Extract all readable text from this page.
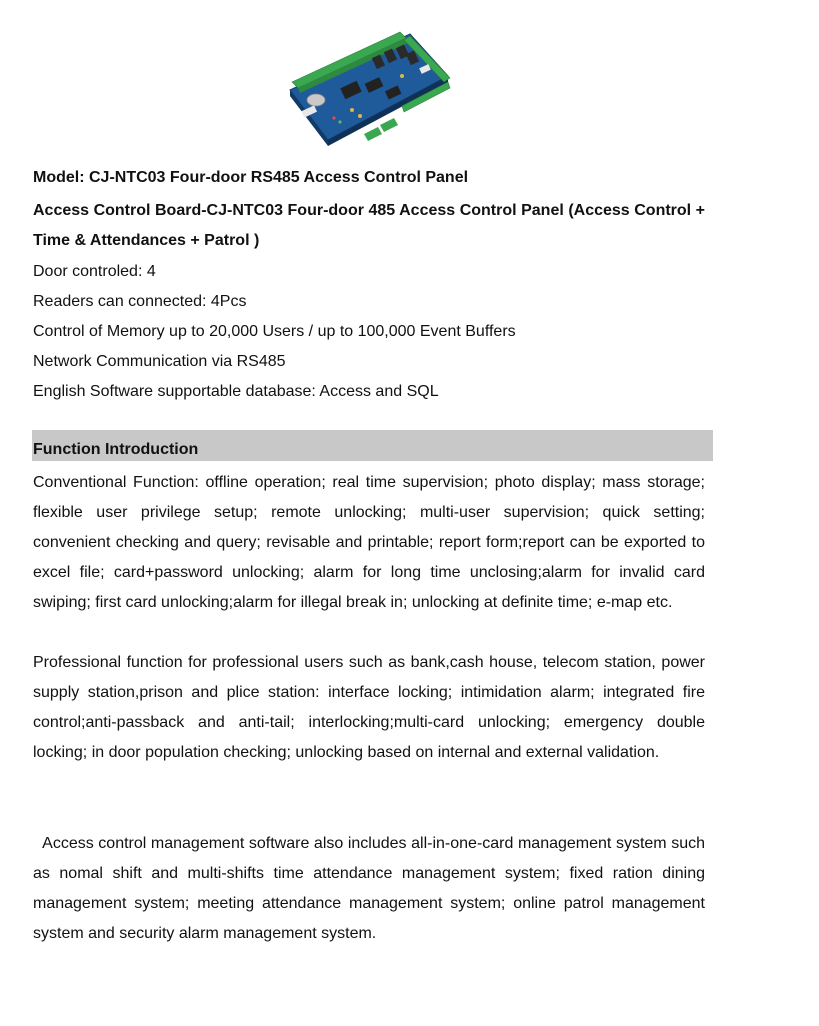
Model: CJ-NTC03 Four-door RS485 Access Control Panel
Access Control Board-CJ-NTC03 Four-door 485 Access Control Panel (Access Control + Time & Attendances + Patrol )
Door controled: 4
Readers can connected: 4Pcs
Control of Memory up to 20,000 Users / up to 100,000 Event Buffers
Network Communication via RS485
English Software supportable database: Access and SQL
Function Introduction
Conventional Function: offline operation; real time supervision; photo display; mass storage; flexible user privilege setup; remote unlocking; multi-user supervision; quick setting; convenient checking and query; revisable and printable; report form;report can be exported to excel file; card+password unlocking; alarm for long time unclosing;alarm for invalid card swiping; first card unlocking;alarm for illegal break in; unlocking at definite time; e-map etc.
Professional function for professional users such as bank,cash house, telecom station, power supply station,prison and plice station: interface locking; intimidation alarm; integrated fire control;anti-passback and anti-tail; interlocking;multi-card unlocking; emergency double locking; in door population checking; unlocking based on internal and external validation.
Access control management software also includes all-in-one-card management system such as nomal shift and multi-shifts time attendance management system; fixed ration dining management system; meeting attendance management system; online patrol management system and security alarm management system.
